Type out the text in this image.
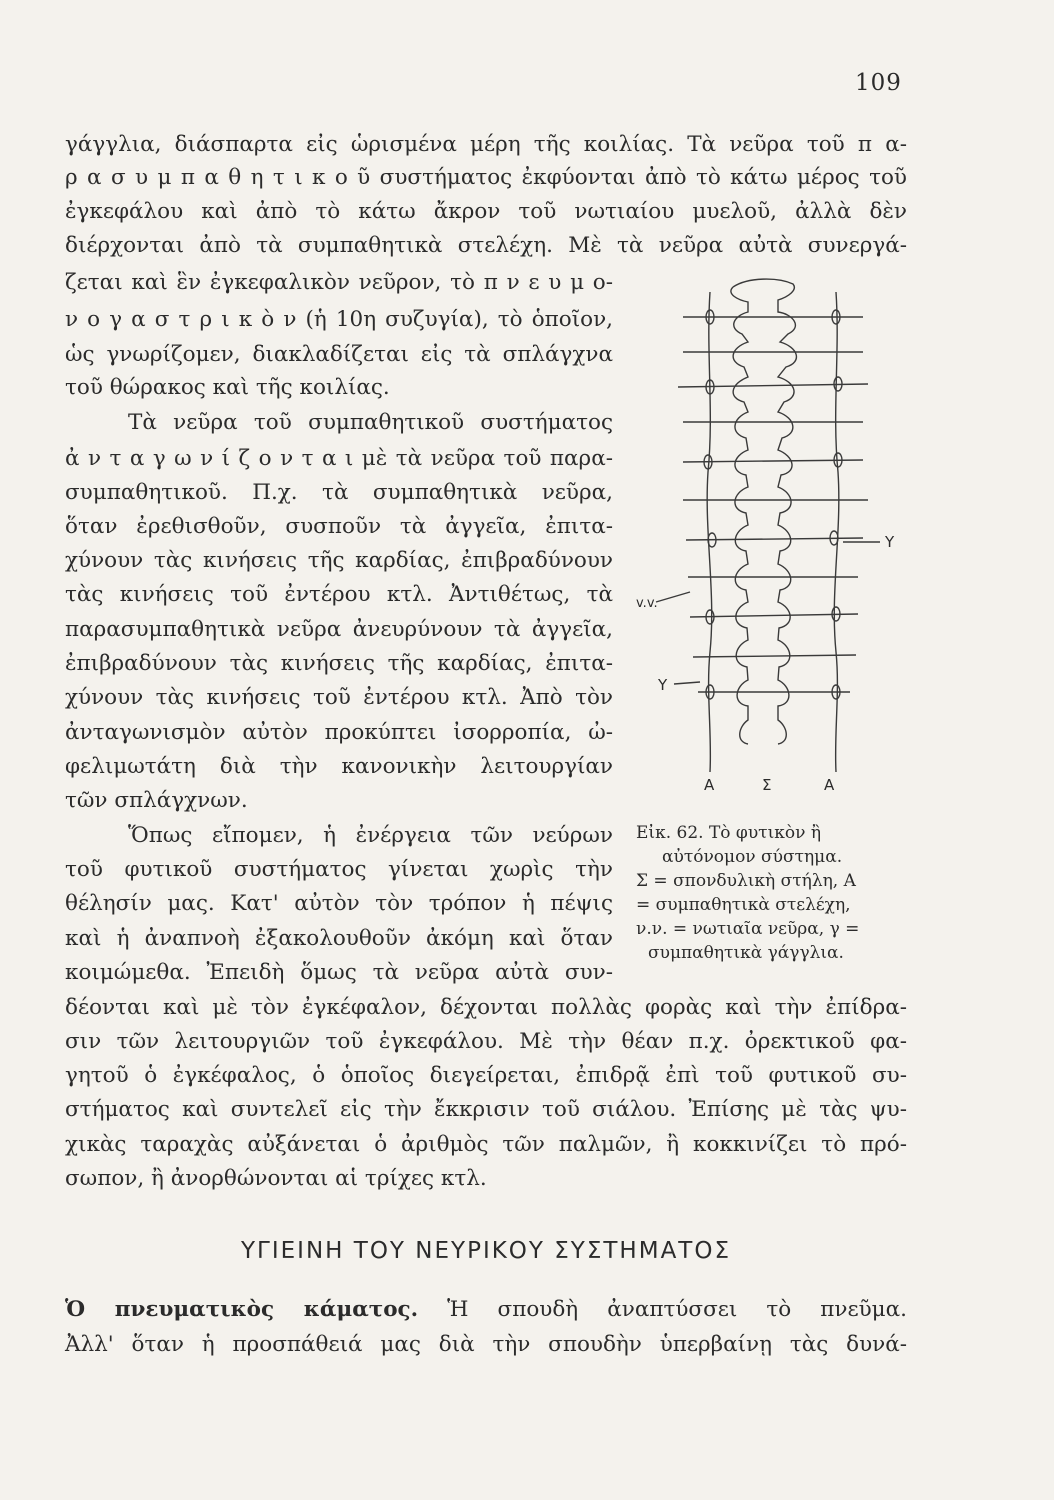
109
γάγγλια, διάσπαρτα εἰς ὡρισμένα μέρη τῆς κοιλίας. Τὰ νεῦρα τοῦ π α-
ρ α σ υ μ π α θ η τ ι κ ο ῦ συστήματος ἐκφύονται ἀπὸ τὸ κάτω μέρος τοῦ
ἐγκεφάλου καὶ ἀπὸ τὸ κάτω ἄκρον τοῦ νωτιαίου μυελοῦ, ἀλλὰ δὲν
διέρχονται ἀπὸ τὰ συμπαθητικὰ στελέχη. Μὲ τὰ νεῦρα αὐτὰ συνεργά-
ζεται καὶ ἓν ἐγκεφαλικὸν νεῦρον, τὸ π ν ε υ μ ο-
ν ο γ α σ τ ρ ι κ ὸ ν (ἡ 10η συζυγία), τὸ ὁποῖον,
ὡς γνωρίζομεν, διακλαδίζεται εἰς τὰ σπλάγχνα
τοῦ θώρακος καὶ τῆς κοιλίας.
Τὰ νεῦρα τοῦ συμπαθητικοῦ συστήματος
ἀ ν τ α γ ω ν ί ζ ο ν τ α ι μὲ τὰ νεῦρα τοῦ παρα-
συμπαθητικοῦ. Π.χ. τὰ συμπαθητικὰ νεῦρα,
ὅταν ἐρεθισθοῦν, συσποῦν τὰ ἀγγεῖα, ἐπιτα-
χύνουν τὰς κινήσεις τῆς καρδίας, ἐπιβραδύνουν
τὰς κινήσεις τοῦ ἐντέρου κτλ. Ἀντιθέτως, τὰ
παρασυμπαθητικὰ νεῦρα ἀνευρύνουν τὰ ἀγγεῖα,
ἐπιβραδύνουν τὰς κινήσεις τῆς καρδίας, ἐπιτα-
χύνουν τὰς κινήσεις τοῦ ἐντέρου κτλ. Ἀπὸ τὸν
ἀνταγωνισμὸν αὐτὸν προκύπτει ἰσορροπία, ὠ-
φελιμωτάτη διὰ τὴν κανονικὴν λειτουργίαν
τῶν σπλάγχνων.
Ὅπως εἴπομεν, ἡ ἐνέργεια τῶν νεύρων
τοῦ φυτικοῦ συστήματος γίνεται χωρὶς τὴν
θέλησίν μας. Κατ' αὐτὸν τὸν τρόπον ἡ πέψις
καὶ ἡ ἀναπνοὴ ἐξακολουθοῦν ἀκόμη καὶ ὅταν
κοιμώμεθα. Ἐπειδὴ ὅμως τὰ νεῦρα αὐτὰ συν-
Y
v.v.
Y
Α	Σ	Α
Εἰκ. 62. Τὸ φυτικὸν ἢ
αὐτόνομον σύστημα.
Σ = σπονδυλικὴ στήλη, Α
= συμπαθητικὰ στελέχη,
ν.ν. = νωτιαῖα νεῦρα, γ =
συμπαθητικὰ γάγγλια.
δέονται καὶ μὲ τὸν ἐγκέφαλον, δέχονται πολλὰς φορὰς καὶ τὴν ἐπίδρα-
σιν τῶν λειτουργιῶν τοῦ ἐγκεφάλου. Μὲ τὴν θέαν π.χ. ὀρεκτικοῦ φα-
γητοῦ ὁ ἐγκέφαλος, ὁ ὁποῖος διεγείρεται, ἐπιδρᾷ ἐπὶ τοῦ φυτικοῦ συ-
στήματος καὶ συντελεῖ εἰς τὴν ἔκκρισιν τοῦ σιάλου. Ἐπίσης μὲ τὰς ψυ-
χικὰς ταραχὰς αὐξάνεται ὁ ἀριθμὸς τῶν παλμῶν, ἢ κοκκινίζει τὸ πρό-
σωπον, ἢ ἀνορθώνονται αἱ τρίχες κτλ.
ΥΓΙΕΙΝΗ ΤΟΥ ΝΕΥΡΙΚΟΥ ΣΥΣΤΗΜΑΤΟΣ
Ὁ πνευματικὸς κάματος. Ἡ σπουδὴ ἀναπτύσσει τὸ πνεῦμα.
Ἀλλ' ὅταν ἡ προσπάθειά μας διὰ τὴν σπουδὴν ὑπερβαίνῃ τὰς δυνά-
